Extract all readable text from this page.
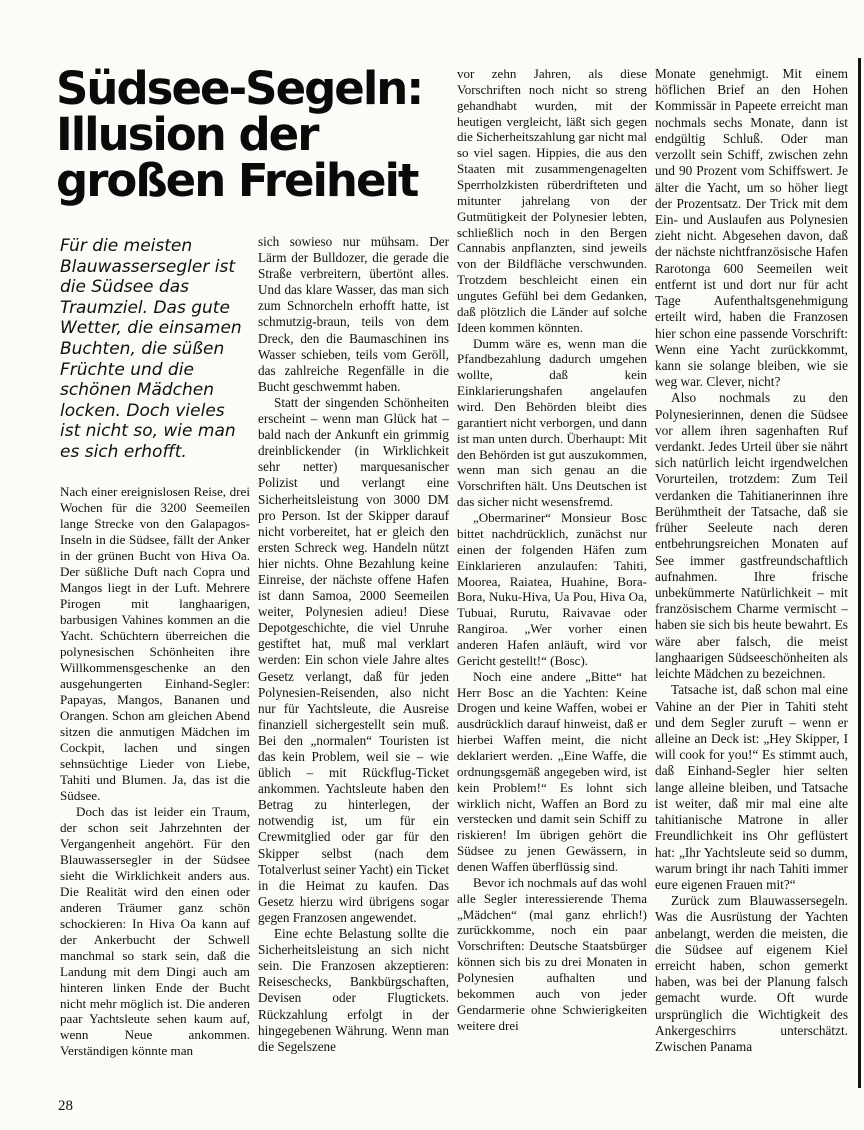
Südsee-Segeln:
Illusion der
großen Freiheit

Für die meisten Blauwassersegler ist die Südsee das Traumziel. Das gute Wetter, die einsamen Buchten, die süßen Früchte und die schönen Mädchen locken. Doch vieles ist nicht so, wie man es sich erhofft.

Nach einer ereignislosen Reise, drei Wochen für die 3200 Seemeilen lange Strecke von den Galapagos-Inseln in die Südsee, fällt der Anker in der grünen Bucht von Hiva Oa. Der süßliche Duft nach Copra und Mangos liegt in der Luft. Mehrere Pirogen mit langhaarigen, barbusigen Vahines kommen an die Yacht. Schüchtern überreichen die polynesischen Schönheiten ihre Willkommensgeschenke an den ausgehungerten Einhand-Segler: Papayas, Mangos, Bananen und Orangen. Schon am gleichen Abend sitzen die anmutigen Mädchen im Cockpit, lachen und singen sehnsüchtige Lieder von Liebe, Tahiti und Blumen. Ja, das ist die Südsee.

Doch das ist leider ein Traum, der schon seit Jahrzehnten der Vergangenheit angehört. Für den Blauwassersegler in der Südsee sieht die Wirklichkeit anders aus. Die Realität wird den einen oder anderen Träumer ganz schön schockieren: In Hiva Oa kann auf der Ankerbucht der Schwell manchmal so stark sein, daß die Landung mit dem Dingi auch am hinteren linken Ende der Bucht nicht mehr möglich ist. Die anderen paar Yachtsleute sehen kaum auf, wenn Neue ankommen. Verständigen könnte man

sich sowieso nur mühsam. Der Lärm der Bulldozer, die gerade die Straße verbreitern, übertönt alles. Und das klare Wasser, das man sich zum Schnorcheln erhofft hatte, ist schmutzig-braun, teils von dem Dreck, den die Baumaschinen ins Wasser schieben, teils vom Geröll, das zahlreiche Regenfälle in die Bucht geschwemmt haben.

Statt der singenden Schönheiten erscheint – wenn man Glück hat – bald nach der Ankunft ein grimmig dreinblickender (in Wirklichkeit sehr netter) marquesanischer Polizist und verlangt eine Sicherheitsleistung von 3000 DM pro Person. Ist der Skipper darauf nicht vorbereitet, hat er gleich den ersten Schreck weg. Handeln nützt hier nichts. Ohne Bezahlung keine Einreise, der nächste offene Hafen ist dann Samoa, 2000 Seemeilen weiter, Polynesien adieu! Diese Depotgeschichte, die viel Unruhe gestiftet hat, muß mal verklart werden: Ein schon viele Jahre altes Gesetz verlangt, daß für jeden Polynesien-Reisenden, also nicht nur für Yachtsleute, die Ausreise finanziell sichergestellt sein muß. Bei den „normalen“ Touristen ist das kein Problem, weil sie – wie üblich – mit Rückflug-Ticket ankommen. Yachtsleute haben den Betrag zu hinterlegen, der notwendig ist, um für ein Crewmitglied oder gar für den Skipper selbst (nach dem Totalverlust seiner Yacht) ein Ticket in die Heimat zu kaufen. Das Gesetz hierzu wird übrigens sogar gegen Franzosen angewendet.

Eine echte Belastung sollte die Sicherheitsleistung an sich nicht sein. Die Franzosen akzeptieren: Reiseschecks, Bankbürgschaften, Devisen oder Flugtickets. Rückzahlung erfolgt in der hingegebenen Währung. Wenn man die Segelszene

vor zehn Jahren, als diese Vorschriften noch nicht so streng gehandhabt wurden, mit der heutigen vergleicht, läßt sich gegen die Sicherheitszahlung gar nicht mal so viel sagen. Hippies, die aus den Staaten mit zusammengenagelten Sperrholzkisten rüberdrifteten und mitunter jahrelang von der Gutmütigkeit der Polynesier lebten, schließlich noch in den Bergen Cannabis anpflanzten, sind jeweils von der Bildfläche verschwunden. Trotzdem beschleicht einen ein ungutes Gefühl bei dem Gedanken, daß plötzlich die Länder auf solche Ideen kommen könnten.

Dumm wäre es, wenn man die Pfandbezahlung dadurch umgehen wollte, daß kein Einklarierungshafen angelaufen wird. Den Behörden bleibt dies garantiert nicht verborgen, und dann ist man unten durch. Überhaupt: Mit den Behörden ist gut auszukommen, wenn man sich genau an die Vorschriften hält. Uns Deutschen ist das sicher nicht wesensfremd.

„Obermariner“ Monsieur Bosc bittet nachdrücklich, zunächst nur einen der folgenden Häfen zum Einklarieren anzulaufen: Tahiti, Moorea, Raiatea, Huahine, Bora-Bora, Nuku-Hiva, Ua Pou, Hiva Oa, Tubuai, Rurutu, Raivavae oder Rangiroa. „Wer vorher einen anderen Hafen anläuft, wird vor Gericht gestellt!“ (Bosc).

Noch eine andere „Bitte“ hat Herr Bosc an die Yachten: Keine Drogen und keine Waffen, wobei er ausdrücklich darauf hinweist, daß er hierbei Waffen meint, die nicht deklariert werden. „Eine Waffe, die ordnungsgemäß angegeben wird, ist kein Problem!“ Es lohnt sich wirklich nicht, Waffen an Bord zu verstecken und damit sein Schiff zu riskieren! Im übrigen gehört die Südsee zu jenen Gewässern, in denen Waffen überflüssig sind.

Bevor ich nochmals auf das wohl alle Segler interessierende Thema „Mädchen“ (mal ganz ehrlich!) zurückkomme, noch ein paar Vorschriften: Deutsche Staatsbürger können sich bis zu drei Monaten in Polynesien aufhalten und bekommen auch von jeder Gendarmerie ohne Schwierigkeiten weitere drei

Monate genehmigt. Mit einem höflichen Brief an den Hohen Kommissär in Papeete erreicht man nochmals sechs Monate, dann ist endgültig Schluß. Oder man verzollt sein Schiff, zwischen zehn und 90 Prozent vom Schiffswert. Je älter die Yacht, um so höher liegt der Prozentsatz. Der Trick mit dem Ein- und Auslaufen aus Polynesien zieht nicht. Abgesehen davon, daß der nächste nichtfranzösische Hafen Rarotonga 600 Seemeilen weit entfernt ist und dort nur für acht Tage Aufenthaltsgenehmigung erteilt wird, haben die Franzosen hier schon eine passende Vorschrift: Wenn eine Yacht zurückkommt, kann sie solange bleiben, wie sie weg war. Clever, nicht?

Also nochmals zu den Polynesierinnen, denen die Südsee vor allem ihren sagenhaften Ruf verdankt. Jedes Urteil über sie nährt sich natürlich leicht irgendwelchen Vorurteilen, trotzdem: Zum Teil verdanken die Tahitianerinnen ihre Berühmtheit der Tatsache, daß sie früher Seeleute nach deren entbehrungsreichen Monaten auf See immer gastfreundschaftlich aufnahmen. Ihre frische unbekümmerte Natürlichkeit – mit französischem Charme vermischt – haben sie sich bis heute bewahrt. Es wäre aber falsch, die meist langhaarigen Südseeschönheiten als leichte Mädchen zu bezeichnen.

Tatsache ist, daß schon mal eine Vahine an der Pier in Tahiti steht und dem Segler zuruft – wenn er alleine an Deck ist: „Hey Skipper, I will cook for you!“ Es stimmt auch, daß Einhand-Segler hier selten lange alleine bleiben, und Tatsache ist weiter, daß mir mal eine alte tahitianische Matrone in aller Freundlichkeit ins Ohr geflüstert hat: „Ihr Yachtsleute seid so dumm, warum bringt ihr nach Tahiti immer eure eigenen Frauen mit?“

Zurück zum Blauwassersegeln. Was die Ausrüstung der Yachten anbelangt, werden die meisten, die die Südsee auf eigenem Kiel erreicht haben, schon gemerkt haben, was bei der Planung falsch gemacht wurde. Oft wurde ursprünglich die Wichtigkeit des Ankergeschirrs unterschätzt. Zwischen Panama

28
